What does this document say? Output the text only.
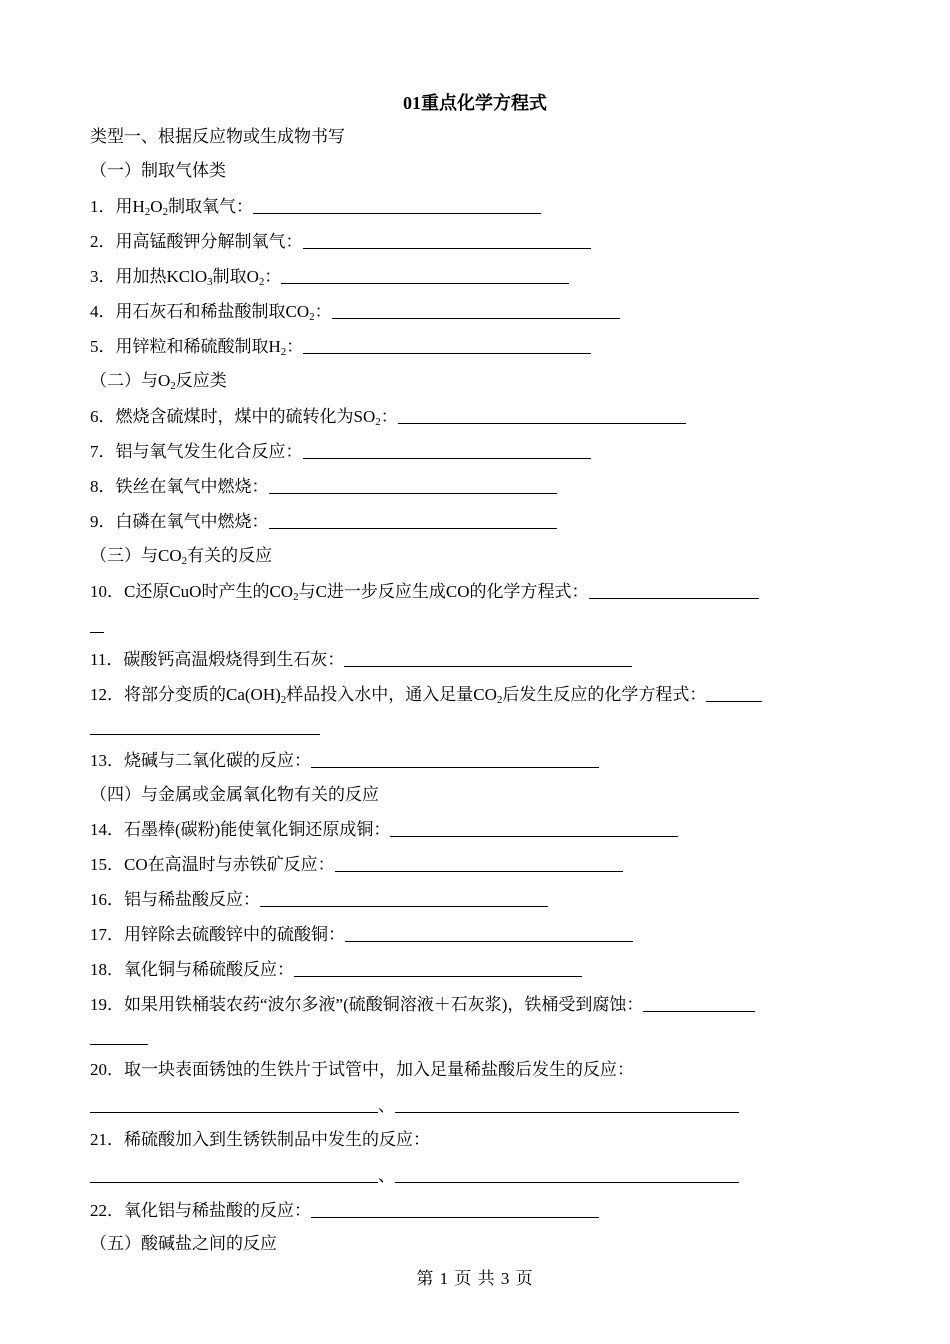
01重点化学方程式
类型一、根据反应物或生成物书写
（一）制取气体类
1．用$H_2O_2$制取氧气：
2．用高锰酸钾分解制氧气：
3．用加热KClO$_3$制取$O_2$：
4．用石灰石和稀盐酸制取$CO_2$：
5．用锌粒和稀硫酸制取$H_2$：
（二）与$O_2$反应类
6．燃烧含硫煤时，煤中的硫转化为$SO_2$：
7．铝与氧气发生化合反应：
8．铁丝在氧气中燃烧：
9．白磷在氧气中燃烧：
（三）与$CO_2$有关的反应
10．C还原CuO时产生的$CO_2$与C进一步反应生成CO的化学方程式：
11．碳酸钙高温煅烧得到生石灰：
12．将部分变质的$Ca(OH)_2$样品投入水中，通入足量$CO_2$后发生反应的化学方程式：
13．烧碱与二氧化碳的反应：
（四）与金属或金属氧化物有关的反应
14．石墨棒(碳粉)能使氧化铜还原成铜：
15．CO在高温时与赤铁矿反应：
16．铝与稀盐酸反应：
17．用锌除去硫酸锌中的硫酸铜：
18．氧化铜与稀硫酸反应：
19．如果用铁桶装农药“波尔多液”(硫酸铜溶液＋石灰浆)，铁桶受到腐蚀：
20．取一块表面锈蚀的生铁片于试管中，加入足量稀盐酸后发生的反应：
、
21．稀硫酸加入到生锈铁制品中发生的反应：
、
22．氧化铝与稀盐酸的反应：
（五）酸碱盐之间的反应
第 1 页 共 3 页
